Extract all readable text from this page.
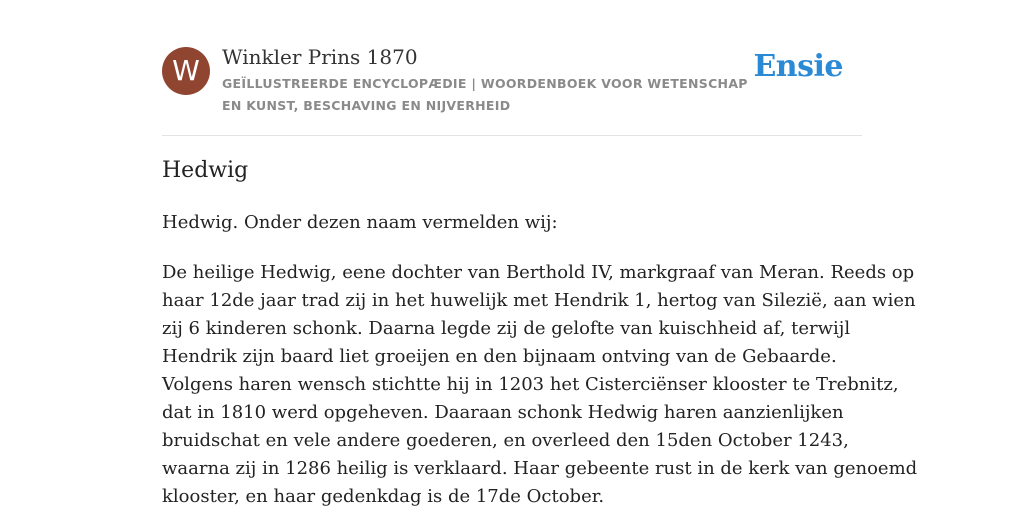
W	Winkler Prins 1870
GEÏLLUSTREERDE ENCYCLOPÆDIE | WOORDENBOEK VOOR WETENSCHAP EN KUNST, BESCHAVING EN NIJVERHEID
Ensie
Hedwig

Hedwig. Onder dezen naam vermelden wij:

De heilige Hedwig, eene dochter van Berthold IV, markgraaf van Meran. Reeds op
haar 12de jaar trad zij in het huwelijk met Hendrik 1, hertog van Silezië, aan wien
zij 6 kinderen schonk. Daarna legde zij de gelofte van kuischheid af, terwijl
Hendrik zijn baard liet groeijen en den bijnaam ontving van de Gebaarde.
Volgens haren wensch stichtte hij in 1203 het Cisterciënser klooster te Trebnitz,
dat in 1810 werd opgeheven. Daaraan schonk Hedwig haren aanzienlijken
bruidschat en vele andere goederen, en overleed den 15den October 1243,
waarna zij in 1286 heilig is verklaard. Haar gebeente rust in de kerk van genoemd
klooster, en haar gedenkdag is de 17de October.
